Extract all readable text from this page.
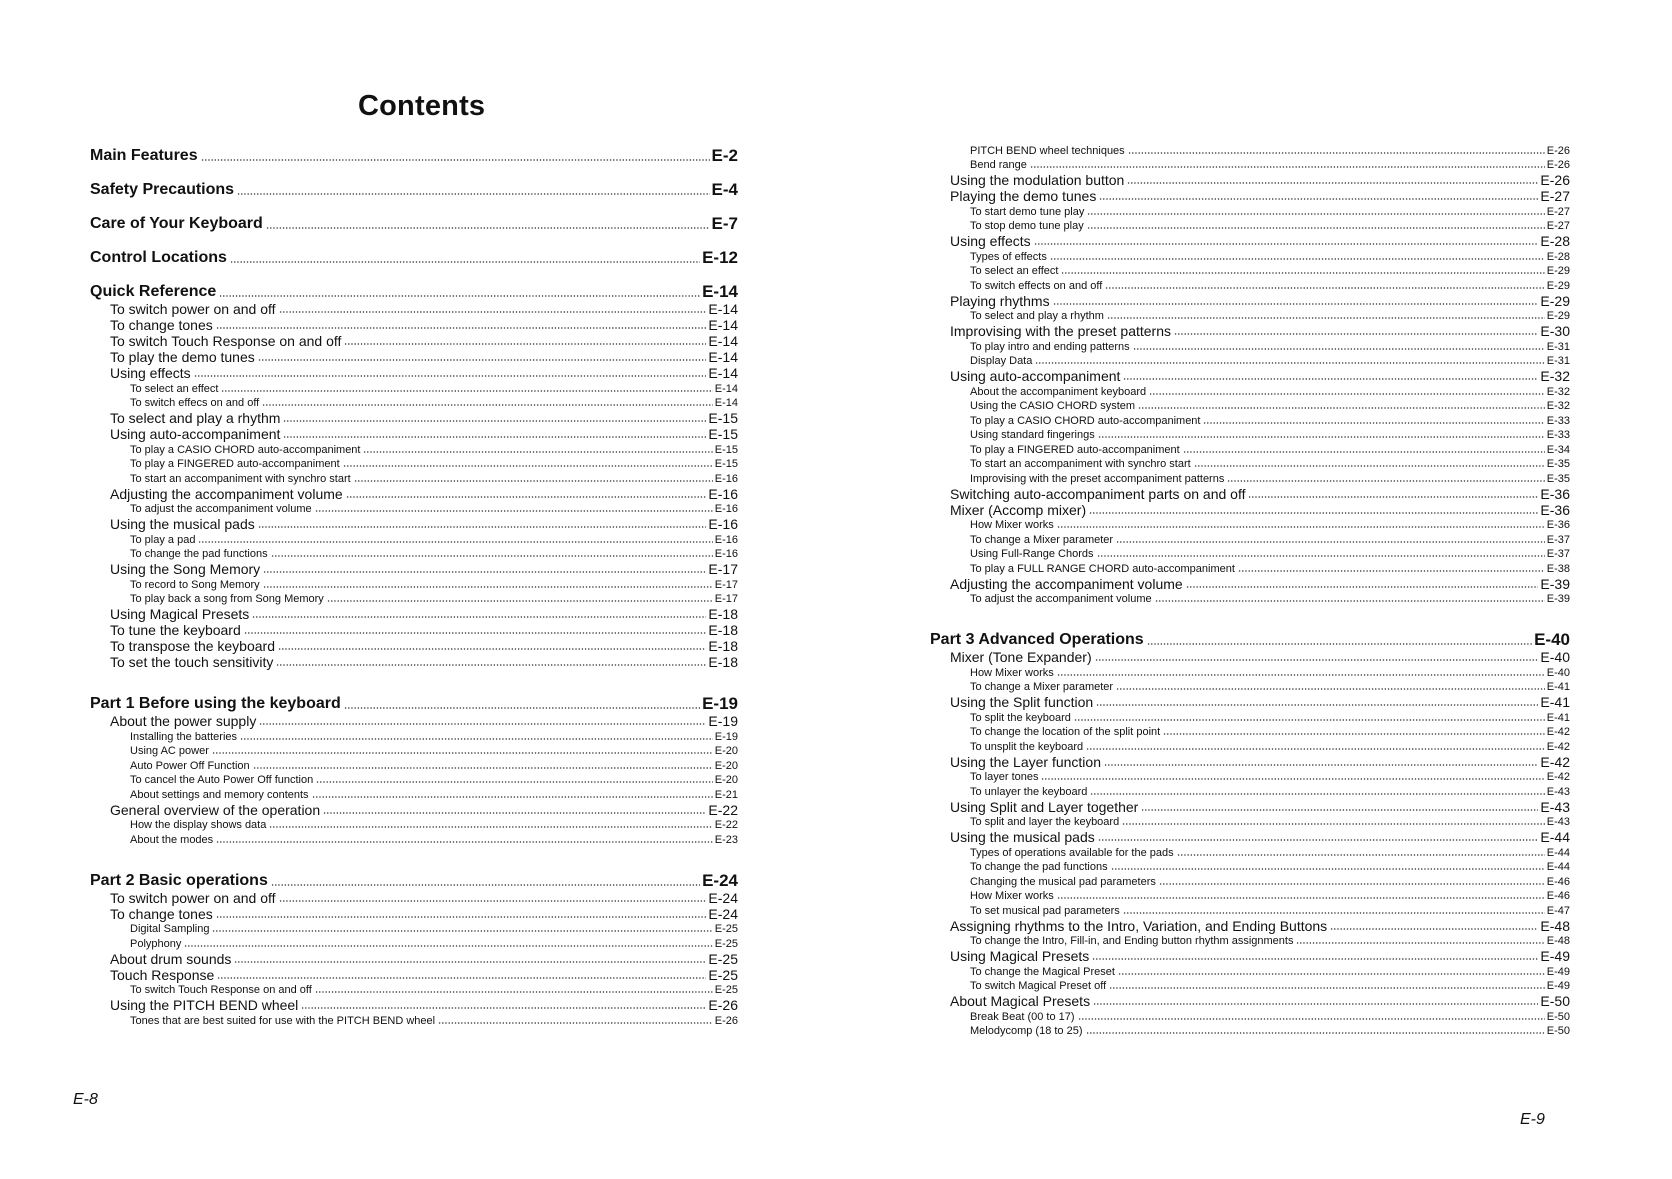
Contents
Main Features	E-2
Safety Precautions	E-4
Care of Your Keyboard	E-7
Control Locations	E-12
Quick Reference	E-14
To switch power on and off	E-14
To change tones	E-14
To switch Touch Response on and off	E-14
To play the demo tunes	E-14
Using effects	E-14
To select an effect	E-14
To switch effecs on and off	E-14
To select and play a rhythm	E-15
Using auto-accompaniment	E-15
To play a CASIO CHORD auto-accompaniment	E-15
To play a FINGERED auto-accompaniment	E-15
To start an accompaniment with synchro start	E-16
Adjusting the accompaniment volume	E-16
To adjust the accompaniment volume	E-16
Using the musical pads	E-16
To play a pad	E-16
To change the pad functions	E-16
Using the Song Memory	E-17
To record to Song Memory	E-17
To play back a song from Song Memory	E-17
Using Magical Presets	E-18
To tune the keyboard	E-18
To transpose the keyboard	E-18
To set the touch sensitivity	E-18
Part 1 Before using the keyboard	E-19
About the power supply	E-19
Installing the batteries	E-19
Using AC power	E-20
Auto Power Off Function	E-20
To cancel the Auto Power Off function	E-20
About settings and memory contents	E-21
General overview of the operation	E-22
How the display shows data	E-22
About the modes	E-23
Part 2 Basic operations	E-24
To switch power on and off	E-24
To change tones	E-24
Digital Sampling	E-25
Polyphony	E-25
About drum sounds	E-25
Touch Response	E-25
To switch Touch Response on and off	E-25
Using the PITCH BEND wheel	E-26
Tones that are best suited for use with the PITCH BEND wheel	E-26
E-8
PITCH BEND wheel techniques	E-26
Bend range	E-26
Using the modulation button	E-26
Playing the demo tunes	E-27
To start demo tune play	E-27
To stop demo tune play	E-27
Using effects	E-28
Types of effects	E-28
To select an effect	E-29
To switch effects on and off	E-29
Playing rhythms	E-29
To select and play a rhythm	E-29
Improvising with the preset patterns	E-30
To play intro and ending patterns	E-31
Display Data	E-31
Using auto-accompaniment	E-32
About the accompaniment keyboard	E-32
Using the CASIO CHORD system	E-32
To play a CASIO CHORD auto-accompaniment	E-33
Using standard fingerings	E-33
To play a FINGERED auto-accompaniment	E-34
To start an accompaniment with synchro start	E-35
Improvising with the preset accompaniment patterns	E-35
Switching auto-accompaniment parts on and off	E-36
Mixer (Accomp mixer)	E-36
How Mixer works	E-36
To change a Mixer parameter	E-37
Using Full-Range Chords	E-37
To play a FULL RANGE CHORD auto-accompaniment	E-38
Adjusting the accompaniment volume	E-39
To adjust the accompaniment volume	E-39
Part 3 Advanced Operations	E-40
Mixer (Tone Expander)	E-40
How Mixer works	E-40
To change a Mixer parameter	E-41
Using the Split function	E-41
To split the keyboard	E-41
To change the location of the split point	E-42
To unsplit the keyboard	E-42
Using the Layer function	E-42
To layer tones	E-42
To unlayer the keyboard	E-43
Using Split and Layer together	E-43
To split and layer the keyboard	E-43
Using the musical pads	E-44
Types of operations available for the pads	E-44
To change the pad functions	E-44
Changing the musical pad parameters	E-46
How Mixer works	E-46
To set musical pad parameters	E-47
Assigning rhythms to the Intro, Variation, and Ending Buttons	E-48
To change the Intro, Fill-in, and Ending button rhythm assignments	E-48
Using Magical Presets	E-49
To change the Magical Preset	E-49
To switch Magical Preset off	E-49
About Magical Presets	E-50
Break Beat (00 to 17)	E-50
Melodycomp (18 to 25)	E-50
E-9
